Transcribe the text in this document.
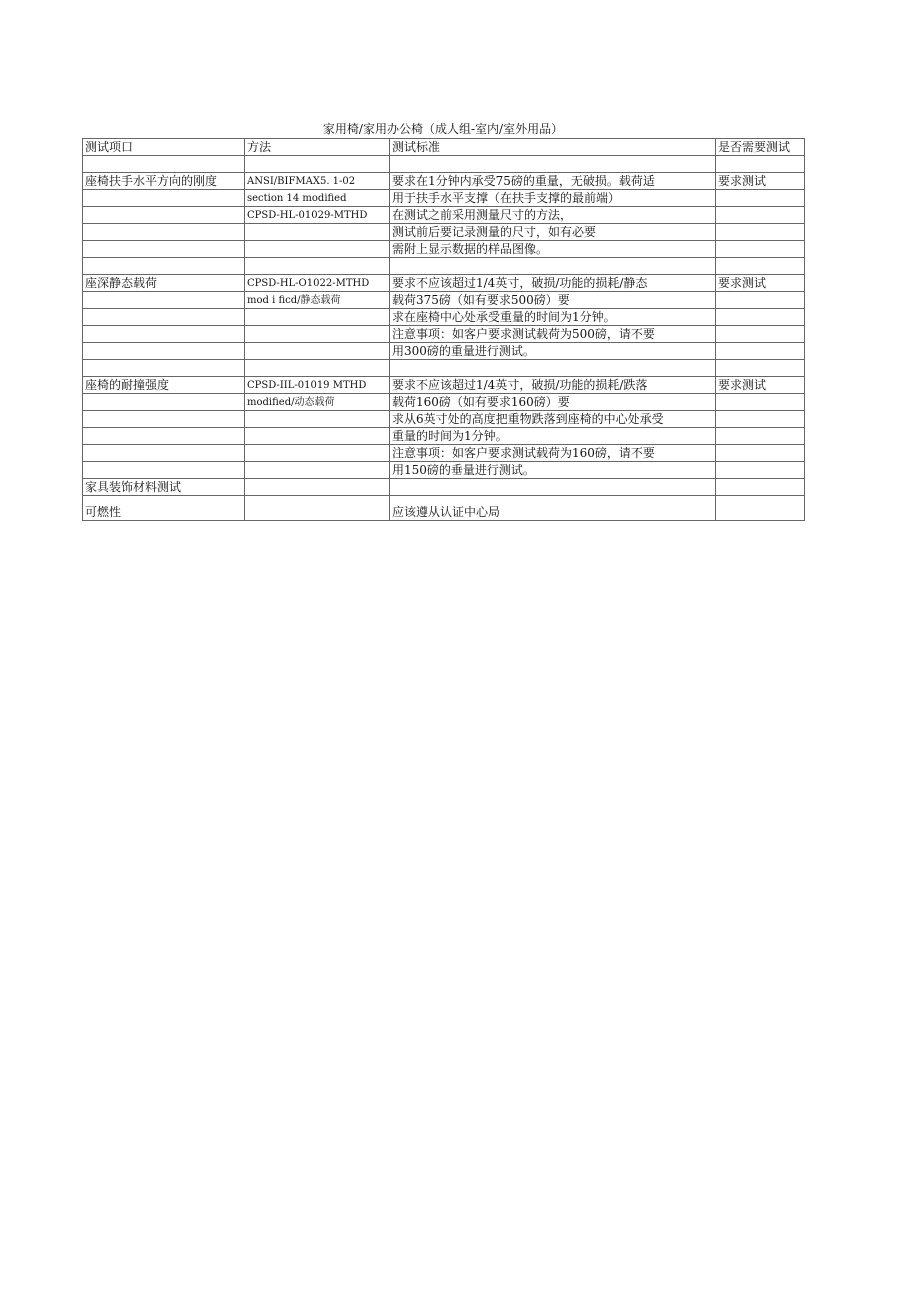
家用椅/家用办公椅（成人组-室内/室外用品）
测试项口	方法	测试标准	是否需要测试

座椅扶手水平方向的刚度	ANSI/BIFMAX5. 1-02	要求在1分钟内承受75磅的重量，无破损。载荷适	要求测试
	section 14 modified	用于扶手水平支撑（在扶手支撑的最前端）	
	CPSD-HL-01029-MTHD	在测试之前采用测量尺寸的方法，	
		测试前后要记录测量的尺寸，如有必要	
		需附上显示数据的样品图像。	

座深静态载荷	CPSD-HL-O1022-MTHD	要求不应该超过1/4英寸，破损/功能的损耗/静态	要求测试
	mod i ficd/静态载荷	载荷375磅（如有要求500磅）要	
		求在座椅中心处承受重量的时间为1分钟。	
		注意事项：如客户要求测试载荷为500磅，请不要	
		用300磅的重量进行测试。	

座椅的耐撞强度	CPSD-IIL-01019 MTHD	要求不应该超过1/4英寸，破损/功能的损耗/跌落	要求测试
	modified/动态载荷	载荷160磅（如有要求160磅）要	
		求从6英寸处的高度把重物跌落到座椅的中心处承受	
		重量的时间为1分钟。	
		注意事项：如客户要求测试载荷为160磅，请不要	
		用150磅的垂量进行测试。	
家具装饰材料测试			
可燃性		应该遵从认证中心局	
